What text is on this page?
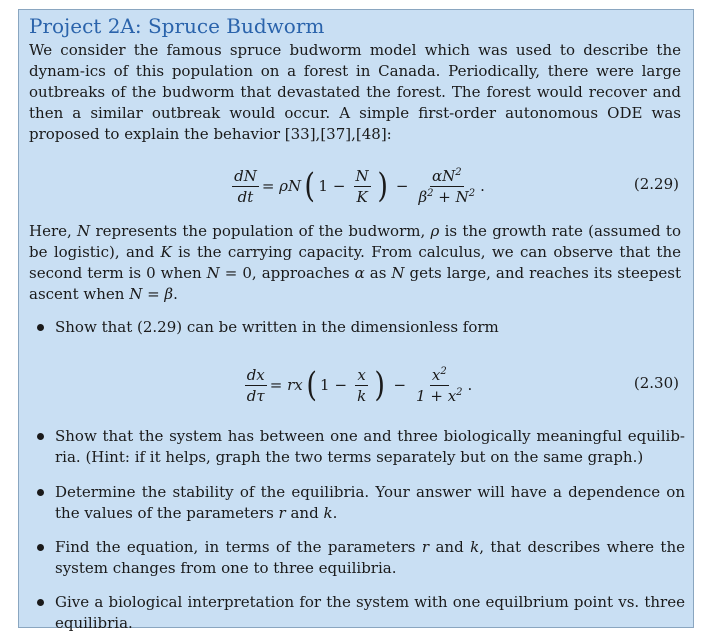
Project 2A: Spruce Budworm

We consider the famous spruce budworm model which was used to describe the dynam-ics of this population on a forest in Canada. Periodically, there were large outbreaks of the budworm that devastated the forest. The forest would recover and then a similar outbreak would occur. A simple first-order autonomous ODE was proposed to explain the behavior [33],[37],[48]:

$\frac{dN}{dt} = \rho N$ ( $1 - \frac{N}{K}$ ) − $\frac{\alpha N^2}{\beta^2 + N^2}$ .	(2.29)

Here, N represents the population of the budworm, ρ is the growth rate (assumed to be logistic), and K is the carrying capacity. From calculus, we can observe that the second term is 0 when N = 0, approaches α as N gets large, and reaches its steepest ascent when N = β.

Show that (2.29) can be written in the dimensionless form

$\frac{dx}{d\tau}$ = rx ( $1 - \frac{x}{k}$ ) − $\frac{x^2}{1 + x^2}$ .	(2.30)

Show that the system has between one and three biologically meaningful equilib-ria. (Hint: if it helps, graph the two terms separately but on the same graph.)

Determine the stability of the equilibria. Your answer will have a dependence on the values of the parameters r and k.

Find the equation, in terms of the parameters r and k, that describes where the system changes from one to three equilibria.

Give a biological interpretation for the system with one equilbrium point vs. three equilibria.
